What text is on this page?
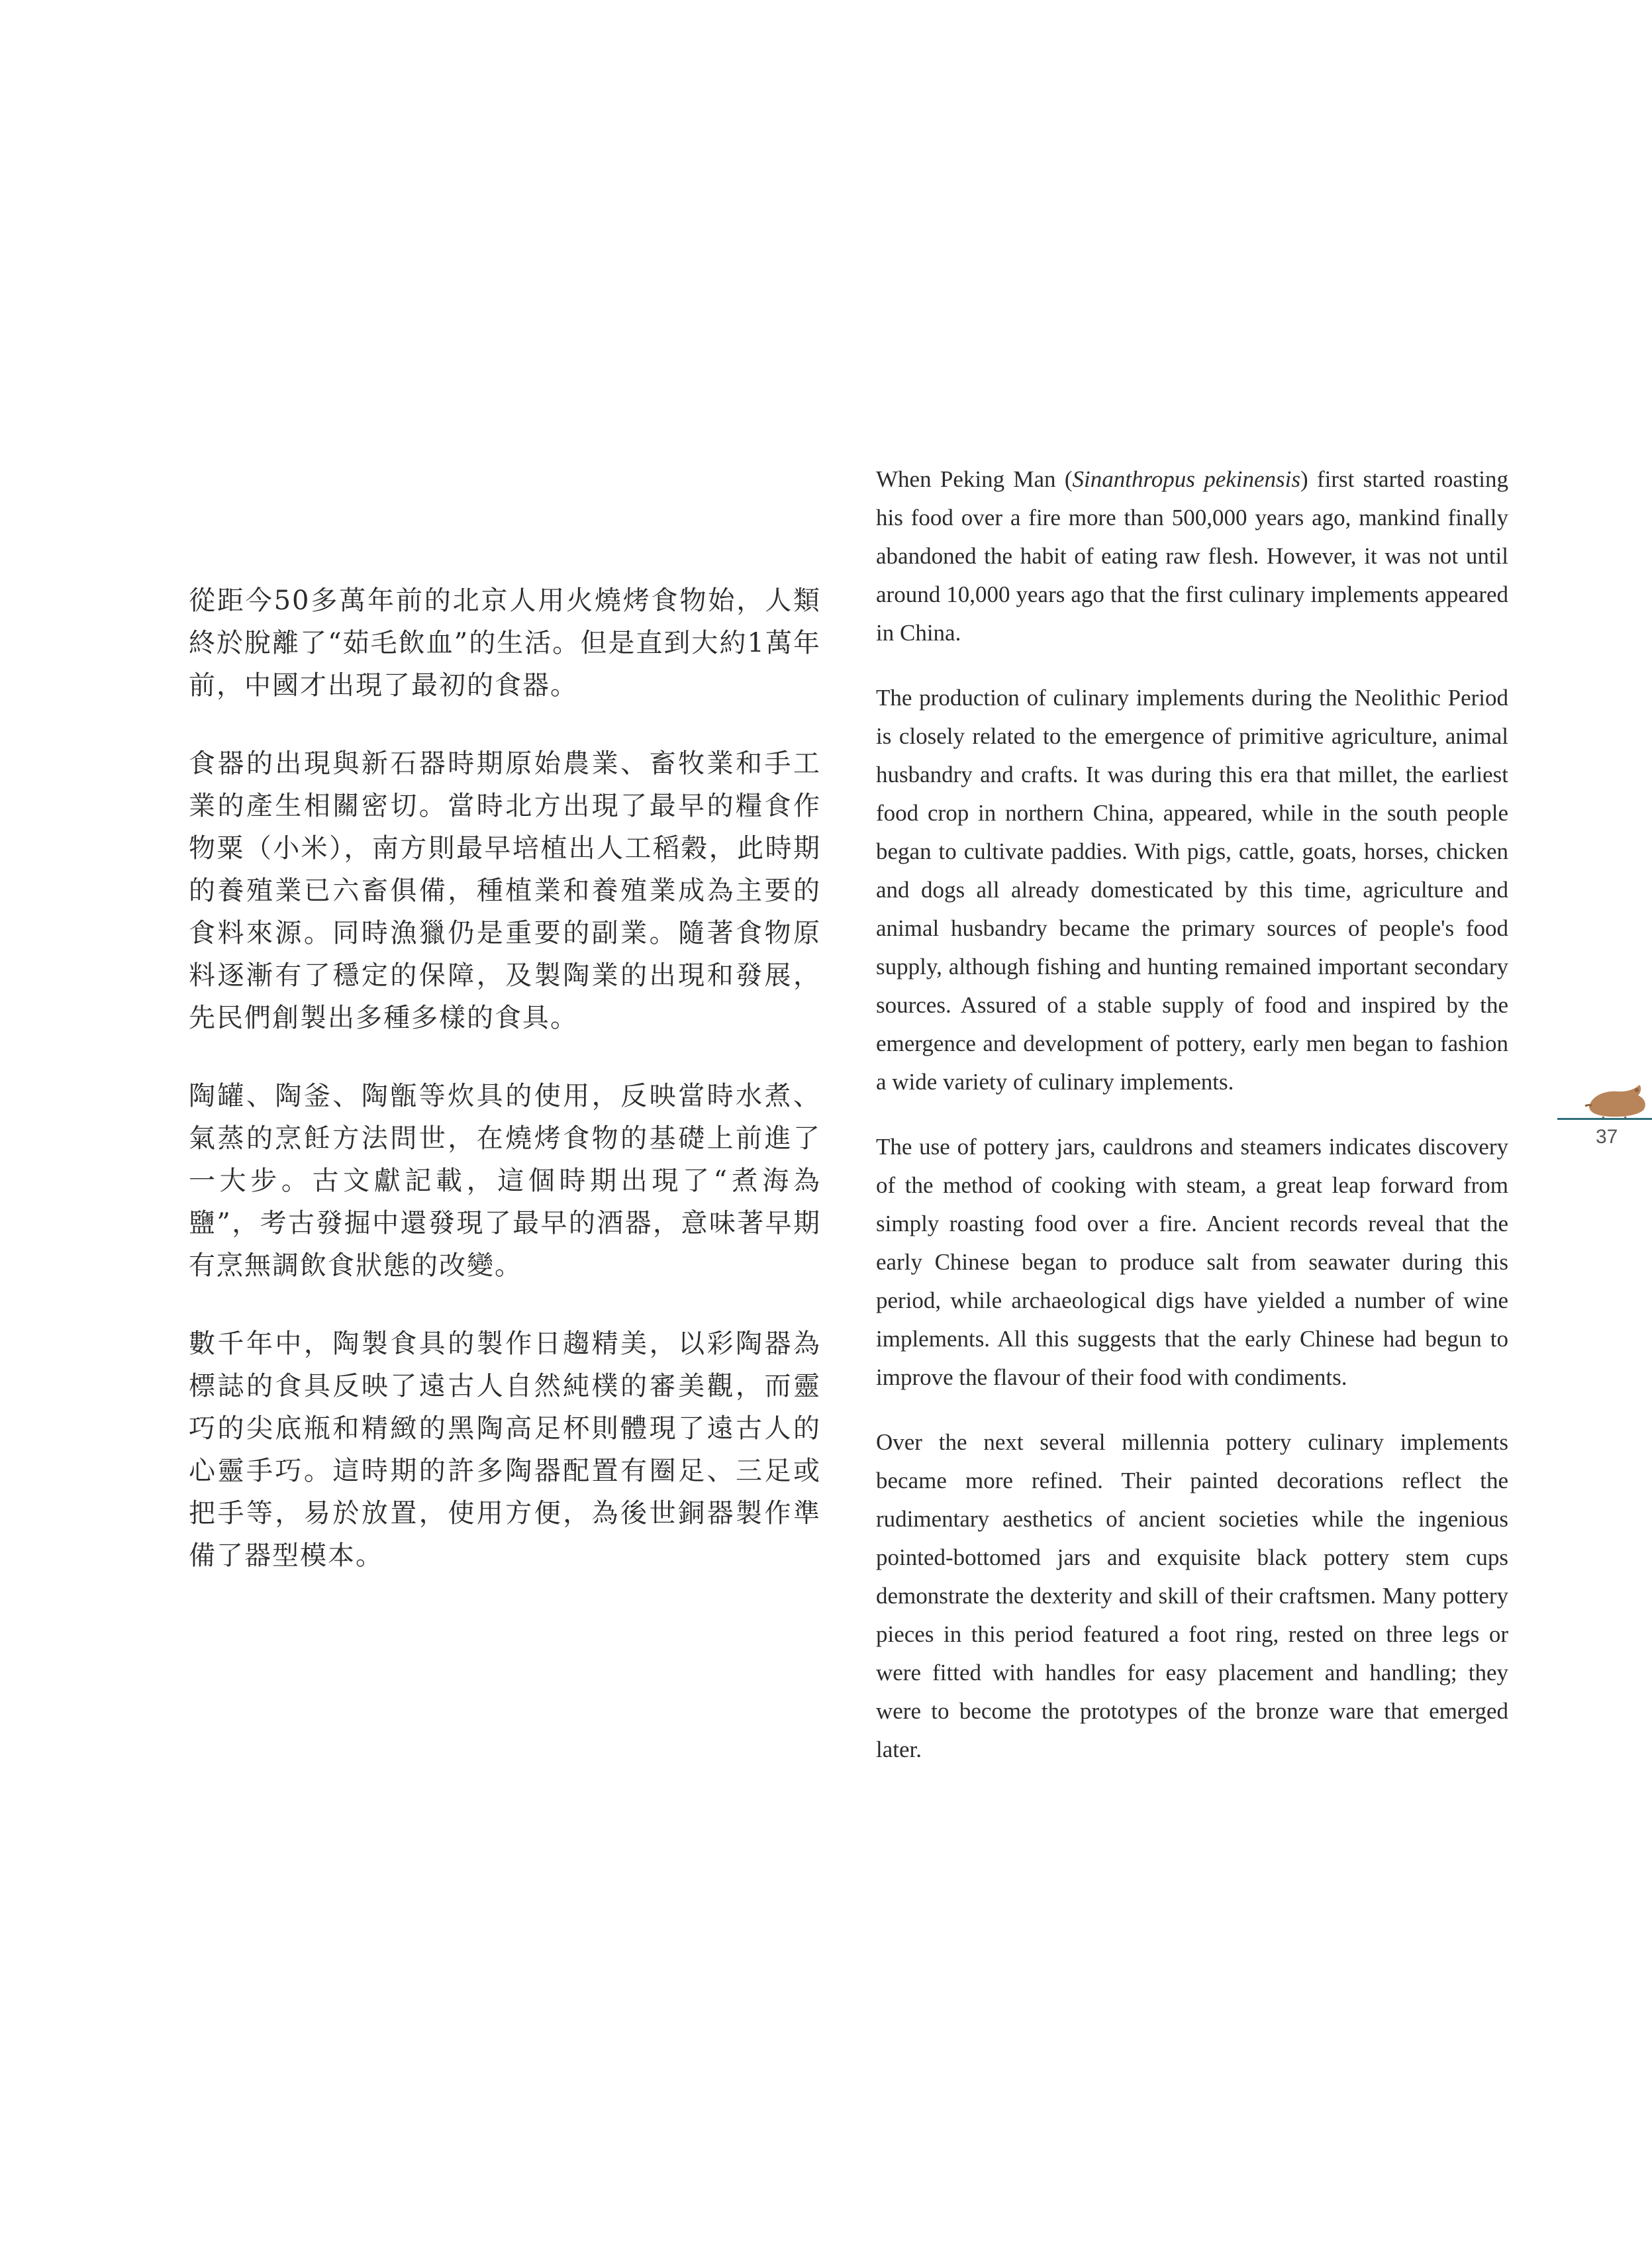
從距今50多萬年前的北京人用火燒烤食物始，人類終於脫離了“茹毛飲血”的生活。但是直到大約1萬年前，中國才出現了最初的食器。

食器的出現與新石器時期原始農業、畜牧業和手工業的產生相關密切。當時北方出現了最早的糧食作物粟（小米），南方則最早培植出人工稻穀，此時期的養殖業已六畜俱備，種植業和養殖業成為主要的食料來源。同時漁獵仍是重要的副業。隨著食物原料逐漸有了穩定的保障，及製陶業的出現和發展，先民們創製出多種多樣的食具。

陶罐、陶釜、陶甑等炊具的使用，反映當時水煮、氣蒸的烹飪方法問世，在燒烤食物的基礎上前進了一大步。古文獻記載，這個時期出現了“煮海為鹽”，考古發掘中還發現了最早的酒器，意味著早期有烹無調飲食狀態的改變。

數千年中，陶製食具的製作日趨精美，以彩陶器為標誌的食具反映了遠古人自然純樸的審美觀，而靈巧的尖底瓶和精緻的黑陶高足杯則體現了遠古人的心靈手巧。這時期的許多陶器配置有圈足、三足或把手等，易於放置，使用方便，為後世銅器製作準備了器型模本。

When Peking Man (Sinanthropus pekinensis) first started roasting his food over a fire more than 500,000 years ago, mankind finally abandoned the habit of eating raw flesh. However, it was not until around 10,000 years ago that the first culinary implements appeared in China.

The production of culinary implements during the Neolithic Period is closely related to the emergence of primitive agriculture, animal husbandry and crafts. It was during this era that millet, the earliest food crop in northern China, appeared, while in the south people began to cultivate paddies. With pigs, cattle, goats, horses, chicken and dogs all already domesticated by this time, agriculture and animal husbandry became the primary sources of people's food supply, although fishing and hunting remained important secondary sources. Assured of a stable supply of food and inspired by the emergence and development of pottery, early men began to fashion a wide variety of culinary implements.

The use of pottery jars, cauldrons and steamers indicates discovery of the method of cooking with steam, a great leap forward from simply roasting food over a fire. Ancient records reveal that the early Chinese began to produce salt from seawater during this period, while archaeological digs have yielded a number of wine implements. All this suggests that the early Chinese had begun to improve the flavour of their food with condiments.

Over the next several millennia pottery culinary implements became more refined. Their painted decorations reflect the rudimentary aesthetics of ancient societies while the ingenious pointed-bottomed jars and exquisite black pottery stem cups demonstrate the dexterity and skill of their craftsmen. Many pottery pieces in this period featured a foot ring, rested on three legs or were fitted with handles for easy placement and handling; they were to become the prototypes of the bronze ware that emerged later.

37
